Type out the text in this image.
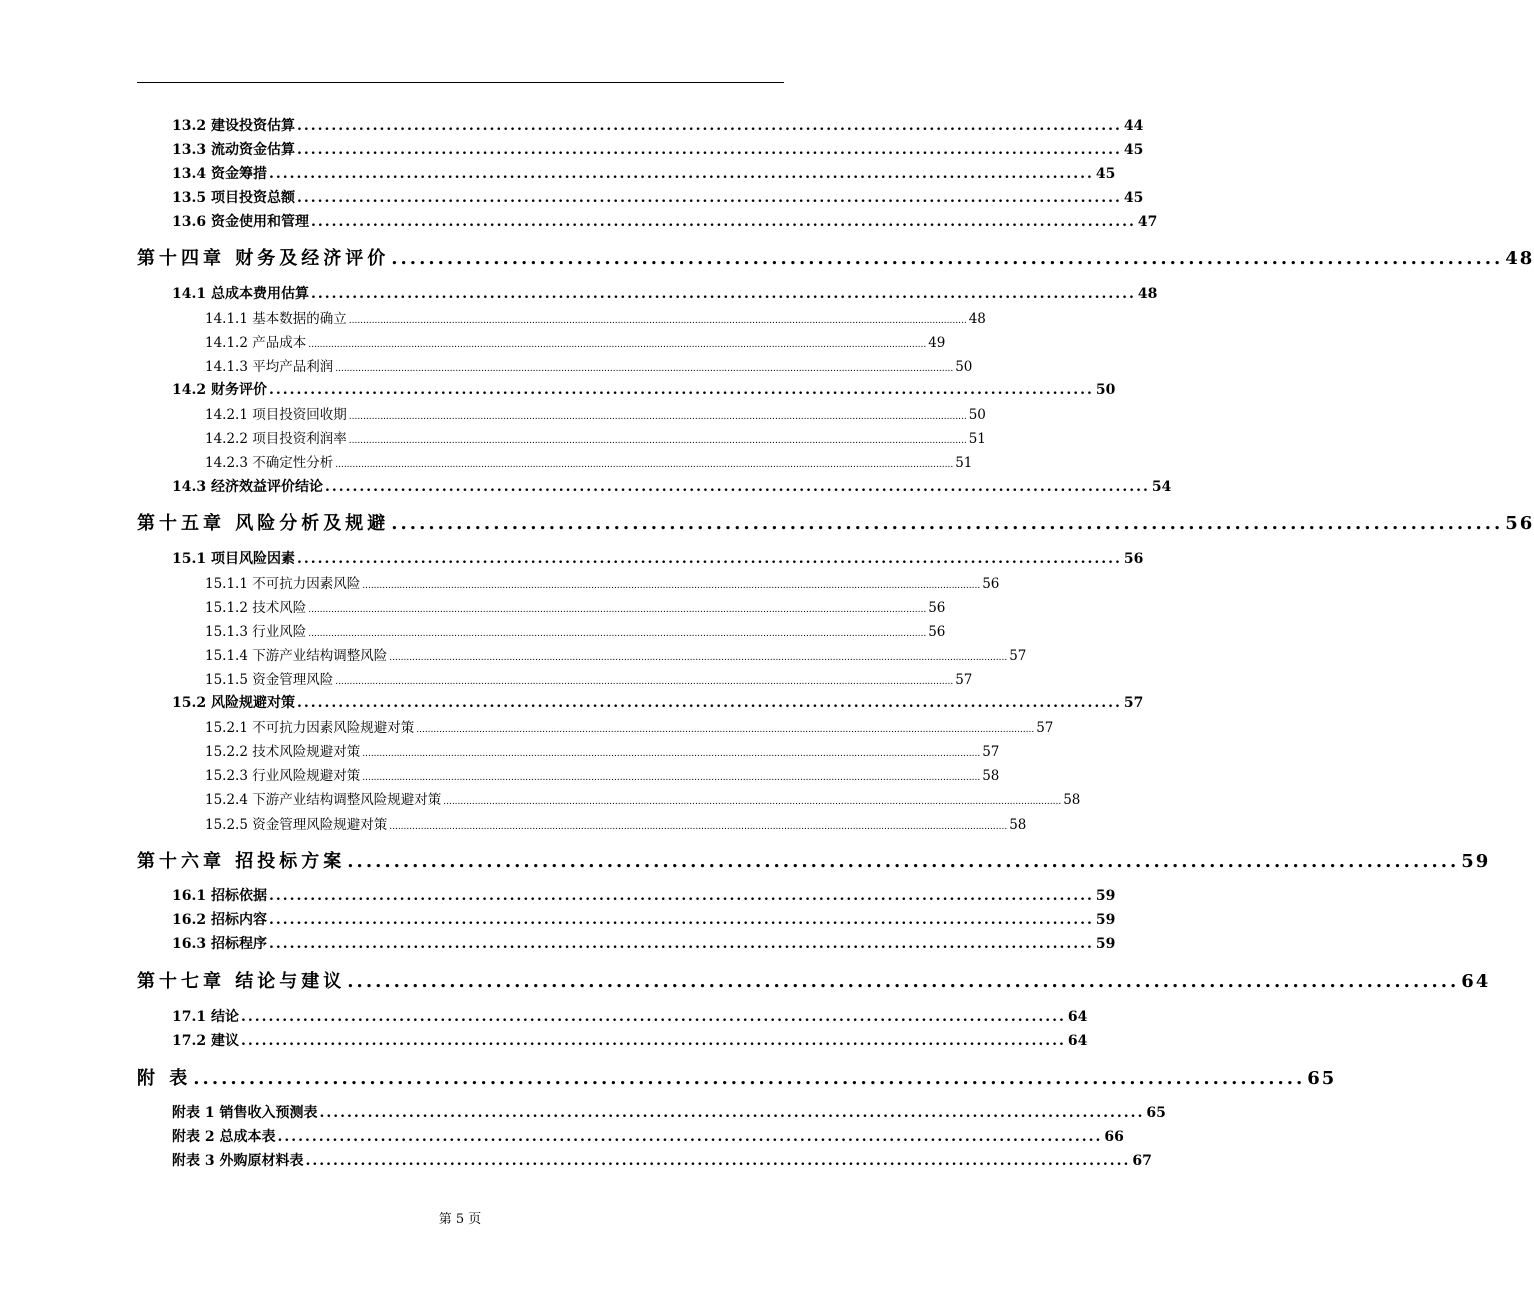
13.2 建设投资估算 ........................................................................................................................ 44
13.3 流动资金估算 ........................................................................................................................ 45
13.4 资金筹措 ........................................................................................................................ 45
13.5 项目投资总额 ........................................................................................................................ 45
13.6 资金使用和管理 ........................................................................................................................ 47
第十四章 财务及经济评价 ........................................................................................................................ 48
14.1 总成本费用估算 ........................................................................................................................ 48
14.1.1 基本数据的确立 ........................................................................................................................................................................................................................ 48
14.1.2 产品成本 ........................................................................................................................................................................................................................ 49
14.1.3 平均产品利润 ........................................................................................................................................................................................................................ 50
14.2 财务评价 ........................................................................................................................ 50
14.2.1 项目投资回收期 ........................................................................................................................................................................................................................ 50
14.2.2 项目投资利润率 ........................................................................................................................................................................................................................ 51
14.2.3 不确定性分析 ........................................................................................................................................................................................................................ 51
14.3 经济效益评价结论 ........................................................................................................................ 54
第十五章 风险分析及规避 ........................................................................................................................ 56
15.1 项目风险因素 ........................................................................................................................ 56
15.1.1 不可抗力因素风险 ........................................................................................................................................................................................................................ 56
15.1.2 技术风险 ........................................................................................................................................................................................................................ 56
15.1.3 行业风险 ........................................................................................................................................................................................................................ 56
15.1.4 下游产业结构调整风险 ........................................................................................................................................................................................................................ 57
15.1.5 资金管理风险 ........................................................................................................................................................................................................................ 57
15.2 风险规避对策 ........................................................................................................................ 57
15.2.1 不可抗力因素风险规避对策 ........................................................................................................................................................................................................................ 57
15.2.2 技术风险规避对策 ........................................................................................................................................................................................................................ 57
15.2.3 行业风险规避对策 ........................................................................................................................................................................................................................ 58
15.2.4 下游产业结构调整风险规避对策 ........................................................................................................................................................................................................................ 58
15.2.5 资金管理风险规避对策 ........................................................................................................................................................................................................................ 58
第十六章 招投标方案 ........................................................................................................................ 59
16.1 招标依据 ........................................................................................................................ 59
16.2 招标内容 ........................................................................................................................ 59
16.3 招标程序 ........................................................................................................................ 59
第十七章 结论与建议 ........................................................................................................................ 64
17.1 结论 ........................................................................................................................ 64
17.2 建议 ........................................................................................................................ 64
附 表 ........................................................................................................................ 65
附表 1 销售收入预测表 ........................................................................................................................ 65
附表 2 总成本表 ........................................................................................................................ 66
附表 3 外购原材料表 ........................................................................................................................ 67
第 5 页
